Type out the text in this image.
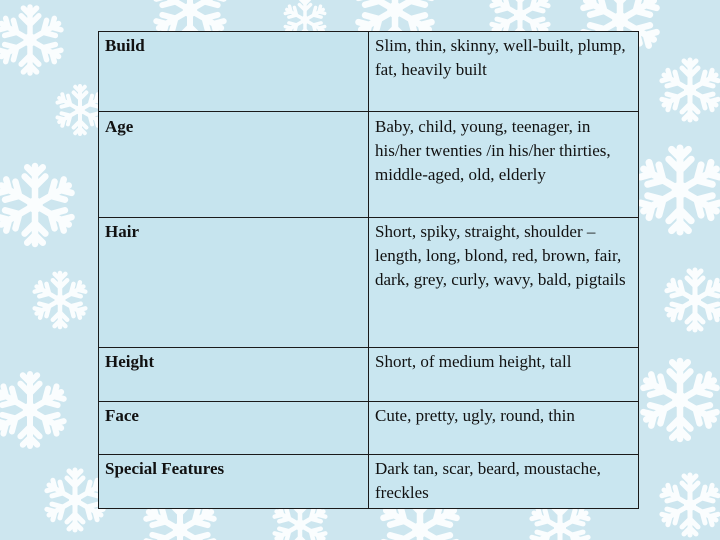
Build	Slim, thin, skinny, well-built, plump, fat, heavily built
Age	Baby, child, young, teenager, in his/her twenties /in his/her thirties, middle-aged, old, elderly
Hair	Short, spiky, straight, shoulder – length, long, blond, red, brown, fair, dark, grey, curly, wavy, bald, pigtails
Height	Short, of medium height, tall
Face	Cute, pretty, ugly, round, thin
Special Features	Dark tan, scar, beard, moustache, freckles
